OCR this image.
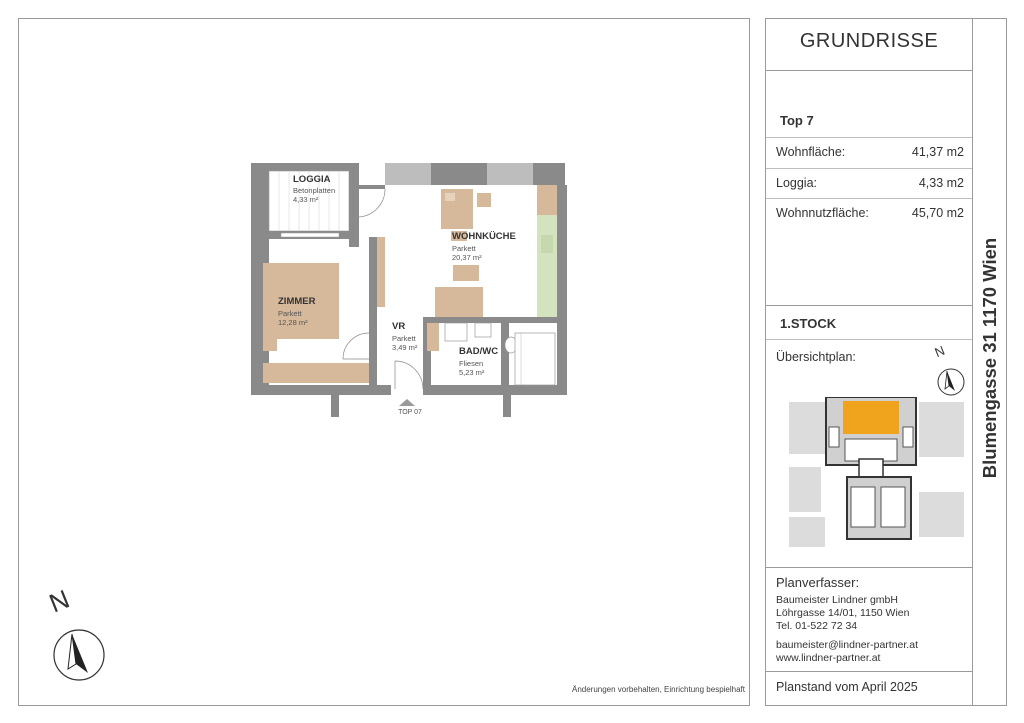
GRUNDRISSE
Top 7
Wohnfläche:	41,37 m2
Loggia:	4,33 m2
Wohnnutzfläche:	45,70 m2
1.STOCK
Übersichtplan:	N Blumengasse 31 1170 Wien
Planverfasser:
Baumeister Lindner gmbH
Löhrgasse 14/01, 1150 Wien
Tel. 01-522 72 34
baumeister@lindner-partner.at
www.lindner-partner.at
Planstand vom April 2025
Änderungen vorbehalten, Einrichtung bespielhaft
N
LOGGIA
Betonplatten
4,33 m²
WOHNKÜCHE
Parkett
20,37 m²
ZIMMER
Parkett
12,28 m²	VR
Parkett
3,49 m²	BAD/WC
Fliesen
5,23 m²
TOP 07
